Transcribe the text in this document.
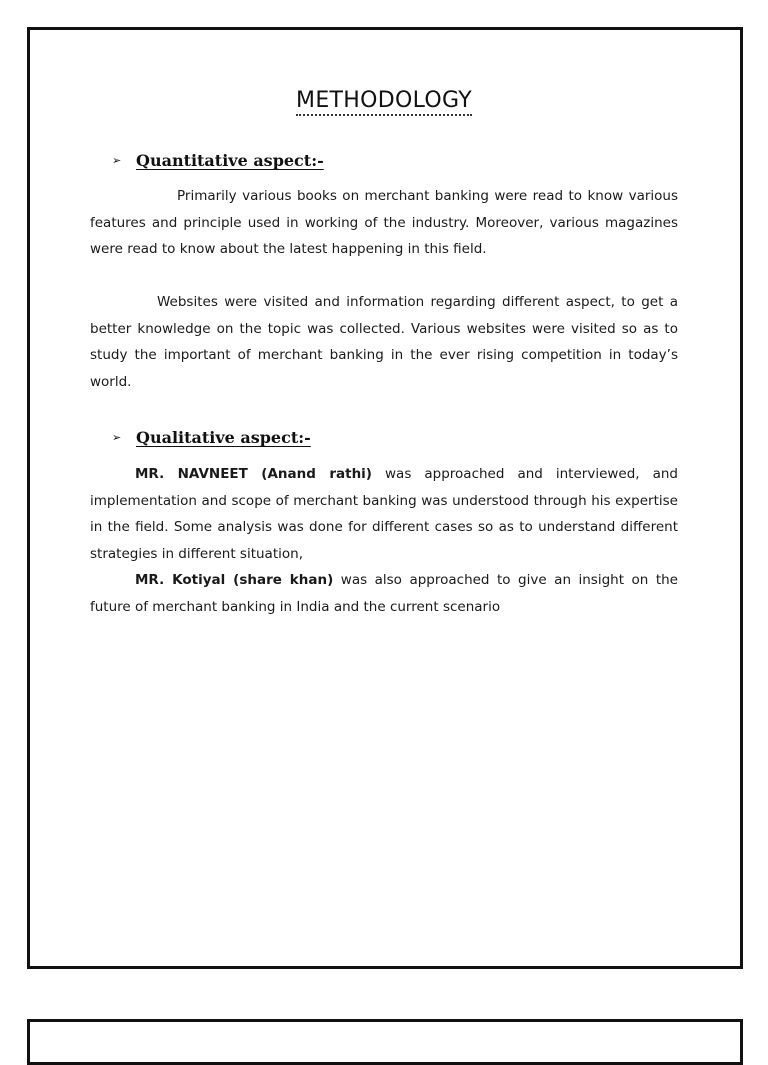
METHODOLOGY
➢ Quantitative aspect:-

Primarily various books on merchant banking were read to know various features and principle used in working of the industry. Moreover, various magazines were read to know about the latest happening in this field.

Websites were visited and information regarding different aspect, to get a better knowledge on the topic was collected. Various websites were visited so as to study the important of merchant banking in the ever rising competition in today’s world.

➢ Qualitative aspect:-

MR. NAVNEET (Anand rathi) was approached and interviewed, and implementation and scope of merchant banking was understood through his expertise in the field. Some analysis was done for different cases so as to understand different strategies in different situation,

MR. Kotiyal (share khan) was also approached to give an insight on the future of merchant banking in India and the current scenario
